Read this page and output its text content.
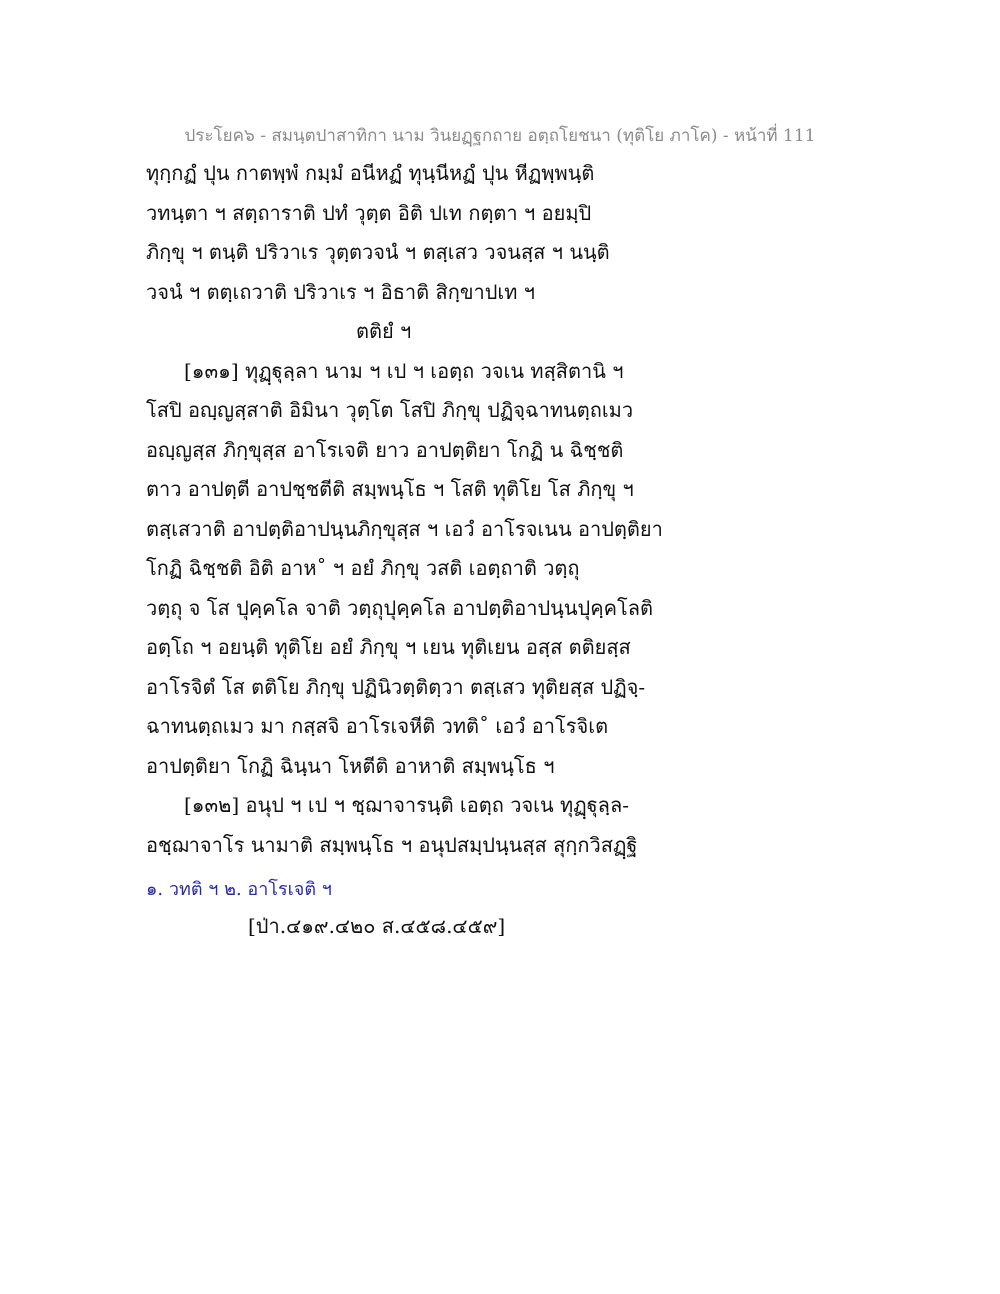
ประโยค๖ - สมนฺตปาสาทิกา นาม วินยฏฺฐกถาย อตฺถโยชนา (ทุติโย ภาโค) - หน้าที่ 111
ทุกฺกฏํ ปุน กาตพฺพํ กมฺมํ อนีหฏํ ทุนฺนีหฏํ ปุน หีฏพฺพนฺติ
วทนฺตา ฯ สตฺถาราติ ปทํ วุตฺต อิติ ปเท กตฺตา ฯ อยมฺปิ
ภิกฺขุ ฯ ตนฺติ ปริวาเร วุตฺตวจนํ ฯ ตสฺเสว วจนสฺส ฯ นนฺติ
วจนํ ฯ ตตฺเถวาติ ปริวาเร ฯ อิธาติ สิกฺขาปเท ฯ
ตติยํ ฯ
[๑๓๑] ทุฏฺฐุลฺลา นาม ฯ เป ฯ เอตฺถ วจเน ทสฺสิตานิ ฯ
โสปิ อญฺญสฺสาติ อิมินา วุตฺโต โสปิ ภิกฺขุ ปฏิจฺฉาทนตฺถเมว
อญฺญสฺส ภิกฺขุสฺส อาโรเจติ ยาว อาปตฺติยา โกฏิ น ฉิชฺชติ
ตาว อาปตฺตี อาปชฺชตีติ สมฺพนฺโธ ฯ โสติ ทุติโย โส ภิกฺขุ ฯ
ตสฺเสวาติ อาปตฺติอาปนฺนภิกฺขุสฺส ฯ เอวํ อาโรจเนน อาปตฺติยา
โกฏิ ฉิชฺชติ อิติ อาห˚ ฯ อยํ ภิกฺขุ วสติ เอตฺถาติ วตฺถุ
วตฺถุ จ โส ปุคฺคโล จาติ วตฺถุปุคฺคโล อาปตฺติอาปนฺนปุคฺคโลติ
อตฺโถ ฯ อยนฺติ ทุติโย อยํ ภิกฺขุ ฯ เยน ทุติเยน อสฺส ตติยสฺส
อาโรจิตํ โส ตติโย ภิกฺขุ ปฏินิวตฺติตฺวา ตสฺเสว ทุติยสฺส ปฏิจฺ-
ฉาทนตฺถเมว มา กสฺสจิ อาโรเจหีติ วทติ˚ เอวํ อาโรจิเต
อาปตฺติยา โกฏิ ฉินฺนา โหตีติ อาหาติ สมฺพนฺโธ ฯ
[๑๓๒] อนุป ฯ เป ฯ ชฺฌาจารนฺติ เอตฺถ วจเน ทุฏฺฐุลฺล-
อชฺฌาจาโร นามาติ สมฺพนฺโธ ฯ อนุปสมฺปนฺนสฺส สุกฺกวิสฏฺฐิ
๑. วทติ ฯ ๒. อาโรเจติ ฯ
[ป่า.๔๑๙.๔๒๐ ส.๔๕๘.๔๕๙]
